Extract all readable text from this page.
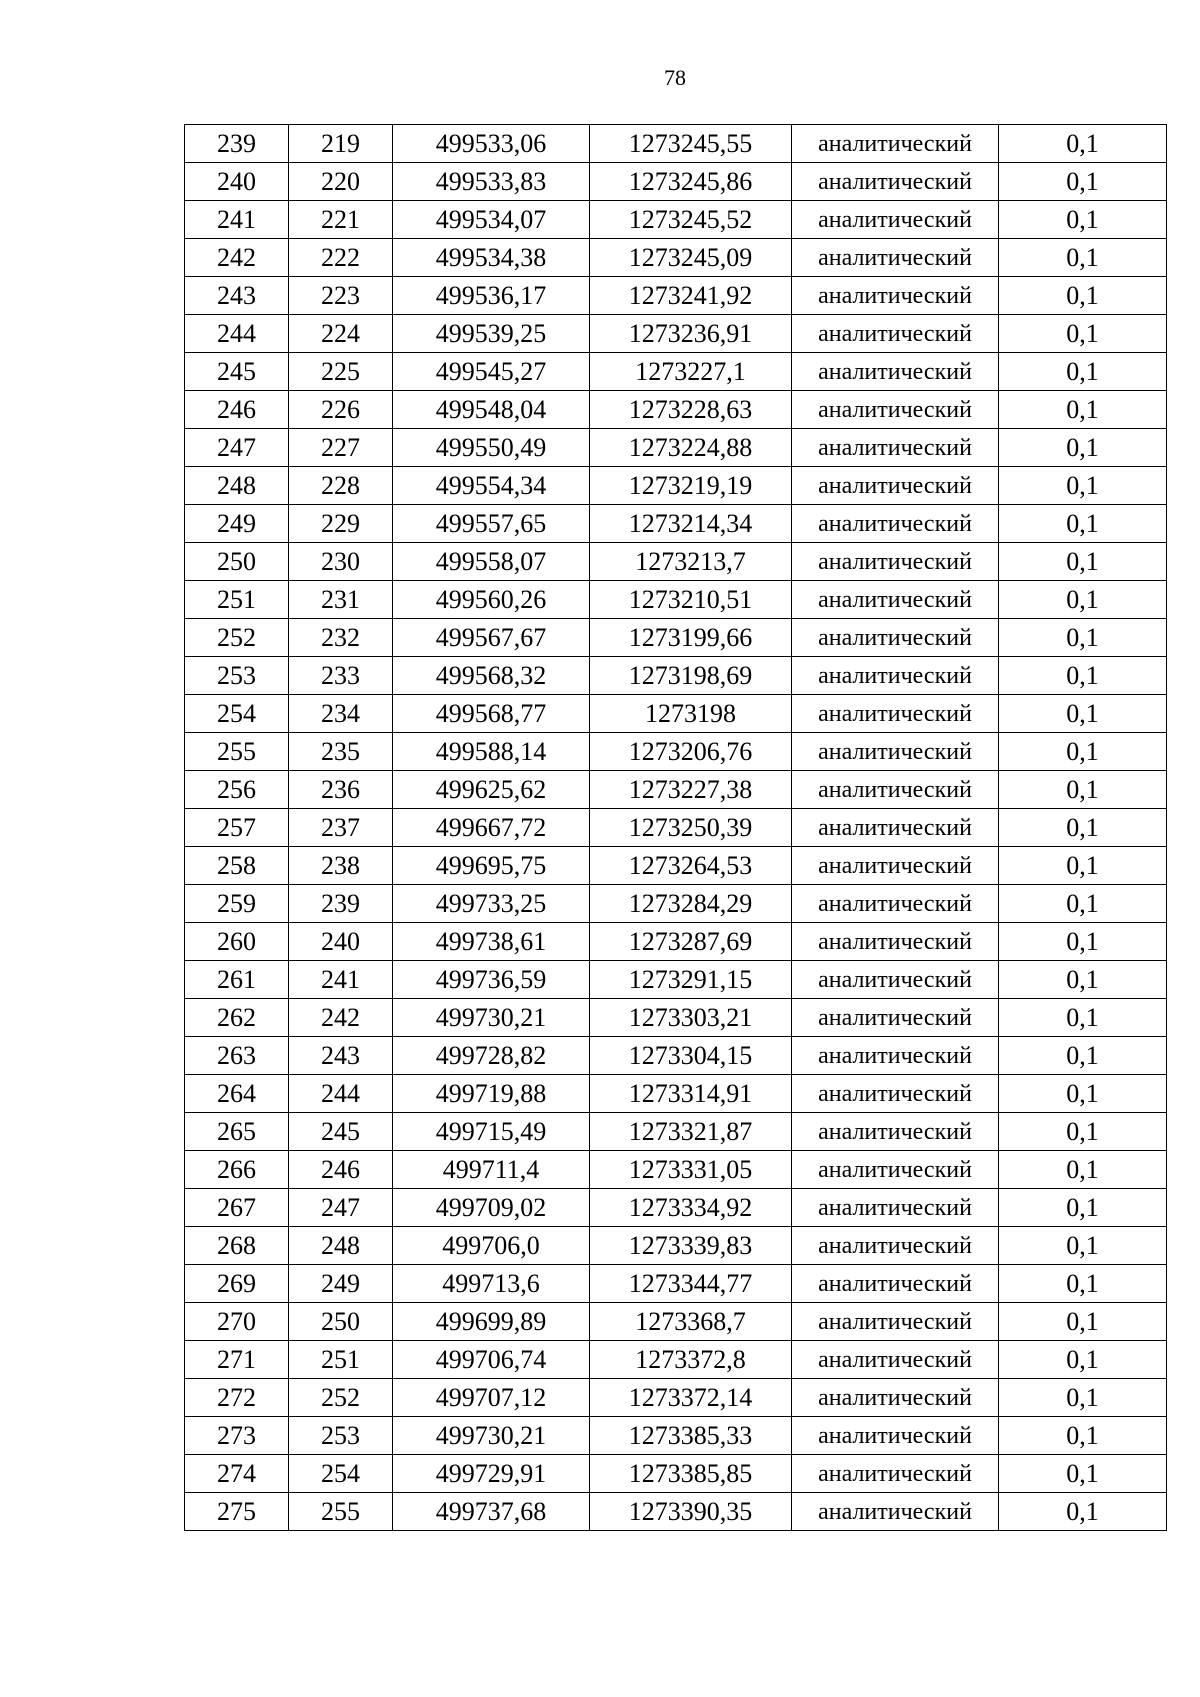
78
239	219	499533,06	1273245,55	аналитический	0,1
240	220	499533,83	1273245,86	аналитический	0,1
241	221	499534,07	1273245,52	аналитический	0,1
242	222	499534,38	1273245,09	аналитический	0,1
243	223	499536,17	1273241,92	аналитический	0,1
244	224	499539,25	1273236,91	аналитический	0,1
245	225	499545,27	1273227,1	аналитический	0,1
246	226	499548,04	1273228,63	аналитический	0,1
247	227	499550,49	1273224,88	аналитический	0,1
248	228	499554,34	1273219,19	аналитический	0,1
249	229	499557,65	1273214,34	аналитический	0,1
250	230	499558,07	1273213,7	аналитический	0,1
251	231	499560,26	1273210,51	аналитический	0,1
252	232	499567,67	1273199,66	аналитический	0,1
253	233	499568,32	1273198,69	аналитический	0,1
254	234	499568,77	1273198	аналитический	0,1
255	235	499588,14	1273206,76	аналитический	0,1
256	236	499625,62	1273227,38	аналитический	0,1
257	237	499667,72	1273250,39	аналитический	0,1
258	238	499695,75	1273264,53	аналитический	0,1
259	239	499733,25	1273284,29	аналитический	0,1
260	240	499738,61	1273287,69	аналитический	0,1
261	241	499736,59	1273291,15	аналитический	0,1
262	242	499730,21	1273303,21	аналитический	0,1
263	243	499728,82	1273304,15	аналитический	0,1
264	244	499719,88	1273314,91	аналитический	0,1
265	245	499715,49	1273321,87	аналитический	0,1
266	246	499711,4	1273331,05	аналитический	0,1
267	247	499709,02	1273334,92	аналитический	0,1
268	248	499706,0	1273339,83	аналитический	0,1
269	249	499713,6	1273344,77	аналитический	0,1
270	250	499699,89	1273368,7	аналитический	0,1
271	251	499706,74	1273372,8	аналитический	0,1
272	252	499707,12	1273372,14	аналитический	0,1
273	253	499730,21	1273385,33	аналитический	0,1
274	254	499729,91	1273385,85	аналитический	0,1
275	255	499737,68	1273390,35	аналитический	0,1
